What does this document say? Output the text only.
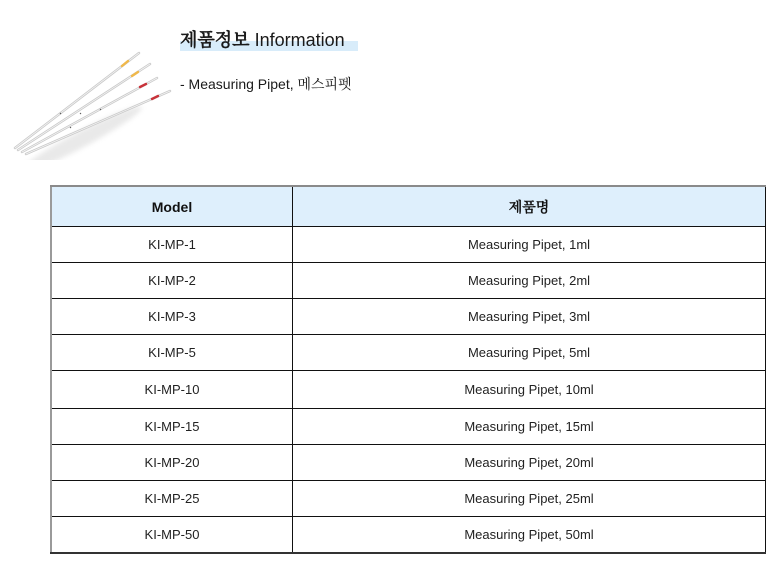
제품정보 Information
- Measuring Pipet, 메스피펫
Model	제품명
KI-MP-1	Measuring Pipet, 1ml
KI-MP-2	Measuring Pipet, 2ml
KI-MP-3	Measuring Pipet, 3ml
KI-MP-5	Measuring Pipet, 5ml
KI-MP-10	Measuring Pipet, 10ml
KI-MP-15	Measuring Pipet, 15ml
KI-MP-20	Measuring Pipet, 20ml
KI-MP-25	Measuring Pipet, 25ml
KI-MP-50	Measuring Pipet, 50ml
